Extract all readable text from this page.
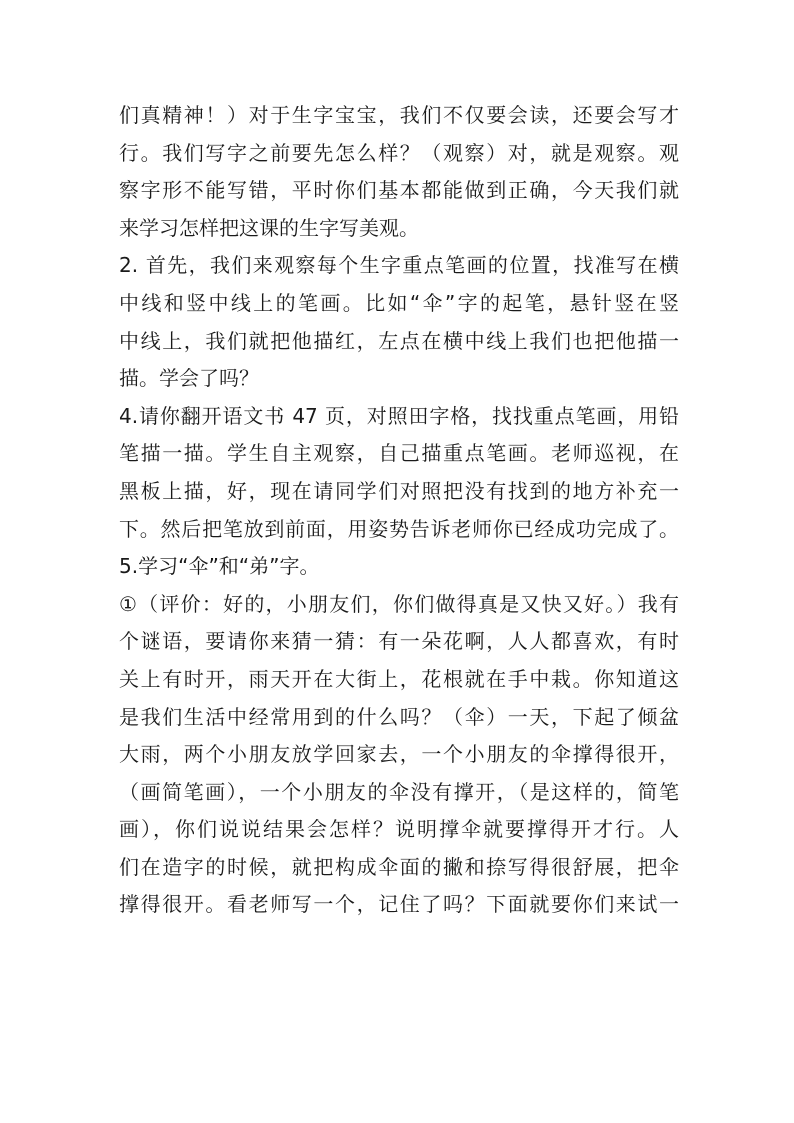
们真精神！）对于生字宝宝，我们不仅要会读，还要会写才
行。我们写字之前要先怎么样？（观察）对，就是观察。观
察字形不能写错，平时你们基本都能做到正确，今天我们就
来学习怎样把这课的生字写美观。
2. 首先，我们来观察每个生字重点笔画的位置，找准写在横
中线和竖中线上的笔画。比如“伞”字的起笔，悬针竖在竖
中线上，我们就把他描红，左点在横中线上我们也把他描一
描。学会了吗？
4.请你翻开语文书 47 页，对照田字格，找找重点笔画，用铅
笔描一描。学生自主观察，自己描重点笔画。老师巡视，在
黑板上描，好，现在请同学们对照把没有找到的地方补充一
下。然后把笔放到前面，用姿势告诉老师你已经成功完成了。
5.学习“伞”和“弟”字。
①（评价：好的，小朋友们，你们做得真是又快又好。）我有
个谜语，要请你来猜一猜：有一朵花啊，人人都喜欢，有时
关上有时开，雨天开在大街上，花根就在手中栽。你知道这
是我们生活中经常用到的什么吗？（伞）一天，下起了倾盆
大雨，两个小朋友放学回家去，一个小朋友的伞撑得很开，
（画简笔画），一个小朋友的伞没有撑开，（是这样的，简笔
画），你们说说结果会怎样？说明撑伞就要撑得开才行。人
们在造字的时候，就把构成伞面的撇和捺写得很舒展，把伞
撑得很开。看老师写一个，记住了吗？下面就要你们来试一
